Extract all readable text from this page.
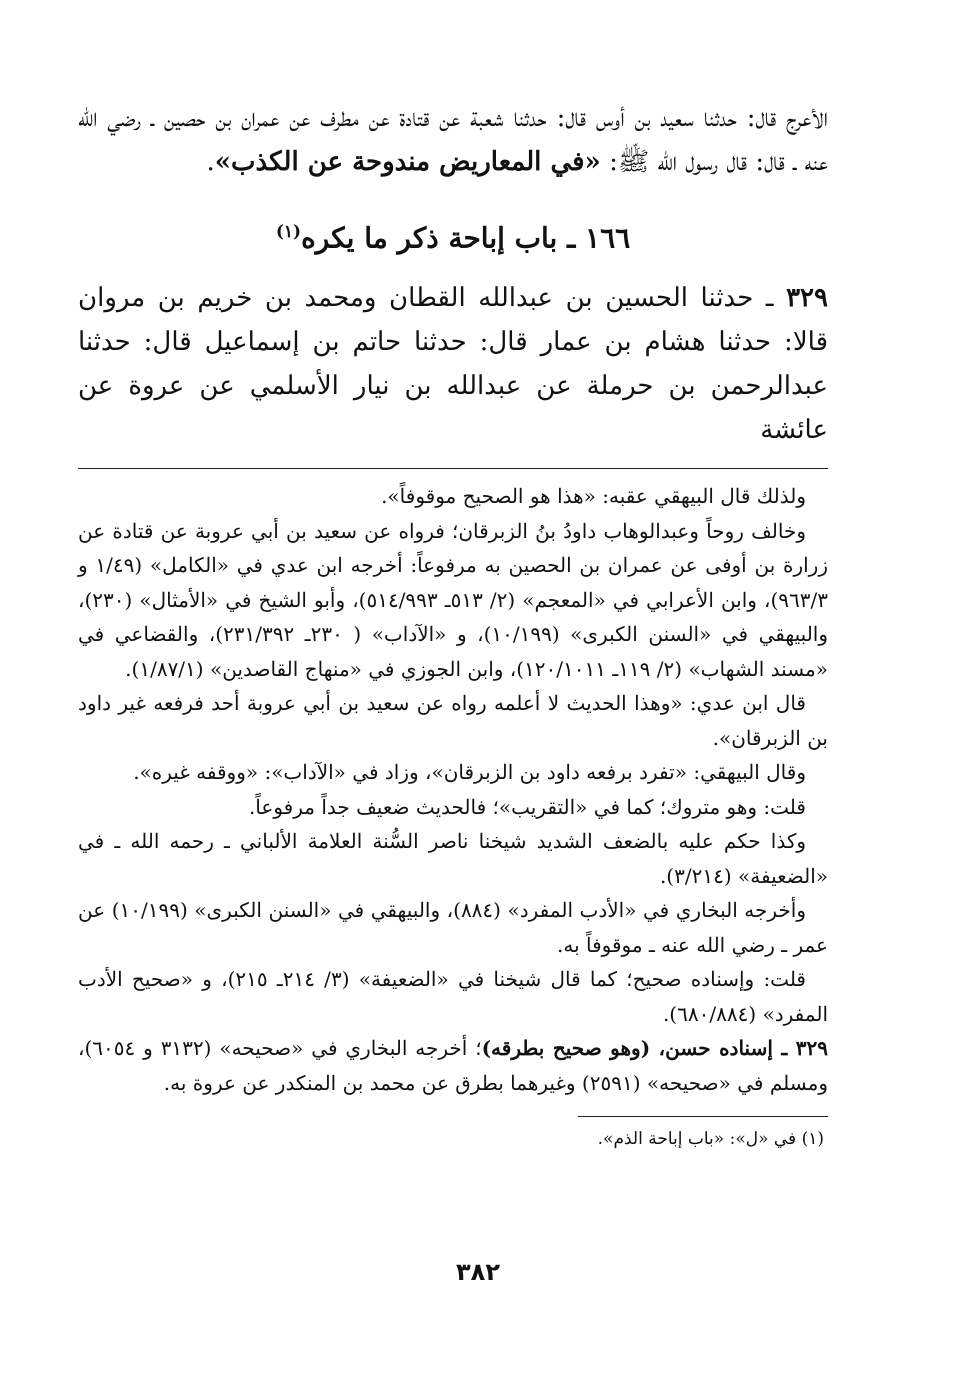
الأعرج قال: حدثنا سعيد بن أوس قال: حدثنا شعبة عن قتادة عن مطرف عن عمران بن حصين ـ رضي الله عنه ـ قال: قال رسول الله ﷺ: «في المعاريض مندوحة عن الكذب».

١٦٦ ـ باب إباحة ذكر ما يكره$^{(١)}$

٣٢٩ ـ حدثنا الحسين بن عبدالله القطان ومحمد بن خريم بن مروان قالا: حدثنا هشام بن عمار قال: حدثنا حاتم بن إسماعيل قال: حدثنا عبدالرحمن بن حرملة عن عبدالله بن نيار الأسلمي عن عروة عن عائشة

ولذلك قال البيهقي عقبه: «هذا هو الصحيح موقوفاً».

وخالف روحاً وعبدالوهاب داودُ بنُ الزبرقان؛ فرواه عن سعيد بن أبي عروبة عن قتادة عن زرارة بن أوفى عن عمران بن الحصين به مرفوعاً: أخرجه ابن عدي في «الكامل» (١/٤٩ و ٩٦٣/٣)، وابن الأعرابي في «المعجم» (٢/ ٥١٣ـ ٥١٤/٩٩٣)، وأبو الشيخ في «الأمثال» (٢٣٠)، والبيهقي في «السنن الكبرى» (١٠/١٩٩)، و «الآداب» ( ٢٣٠ـ ٢٣١/٣٩٢)، والقضاعي في «مسند الشهاب» (٢/ ١١٩ـ ١٢٠/١٠١١)، وابن الجوزي في «منهاج القاصدين» (١/٨٧/١).

قال ابن عدي: «وهذا الحديث لا أعلمه رواه عن سعيد بن أبي عروبة أحد فرفعه غير داود بن الزبرقان».

وقال البيهقي: «تفرد برفعه داود بن الزبرقان»، وزاد في «الآداب»: «ووقفه غيره».

قلت: وهو متروك؛ كما في «التقريب»؛ فالحديث ضعيف جداً مرفوعاً.

وكذا حكم عليه بالضعف الشديد شيخنا ناصر السُّنة العلامة الألباني ـ رحمه الله ـ في «الضعيفة» (٣/٢١٤).

وأخرجه البخاري في «الأدب المفرد» (٨٨٤)، والبيهقي في «السنن الكبرى» (١٠/١٩٩) عن عمر ـ رضي الله عنه ـ موقوفاً به.

قلت: وإسناده صحيح؛ كما قال شيخنا في «الضعيفة» (٣/ ٢١٤ـ ٢١٥)، و «صحيح الأدب المفرد» (٦٨٠/٨٨٤).

٣٢٩ ـ إسناده حسن، (وهو صحيح بطرقه)؛ أخرجه البخاري في «صحيحه» (٣١٣٢ و ٦٠٥٤)، ومسلم في «صحيحه» (٢٥٩١) وغيرهما بطرق عن محمد بن المنكدر عن عروة به.

(١) في «ل»: «باب إباحة الذم».

٣٨٢
